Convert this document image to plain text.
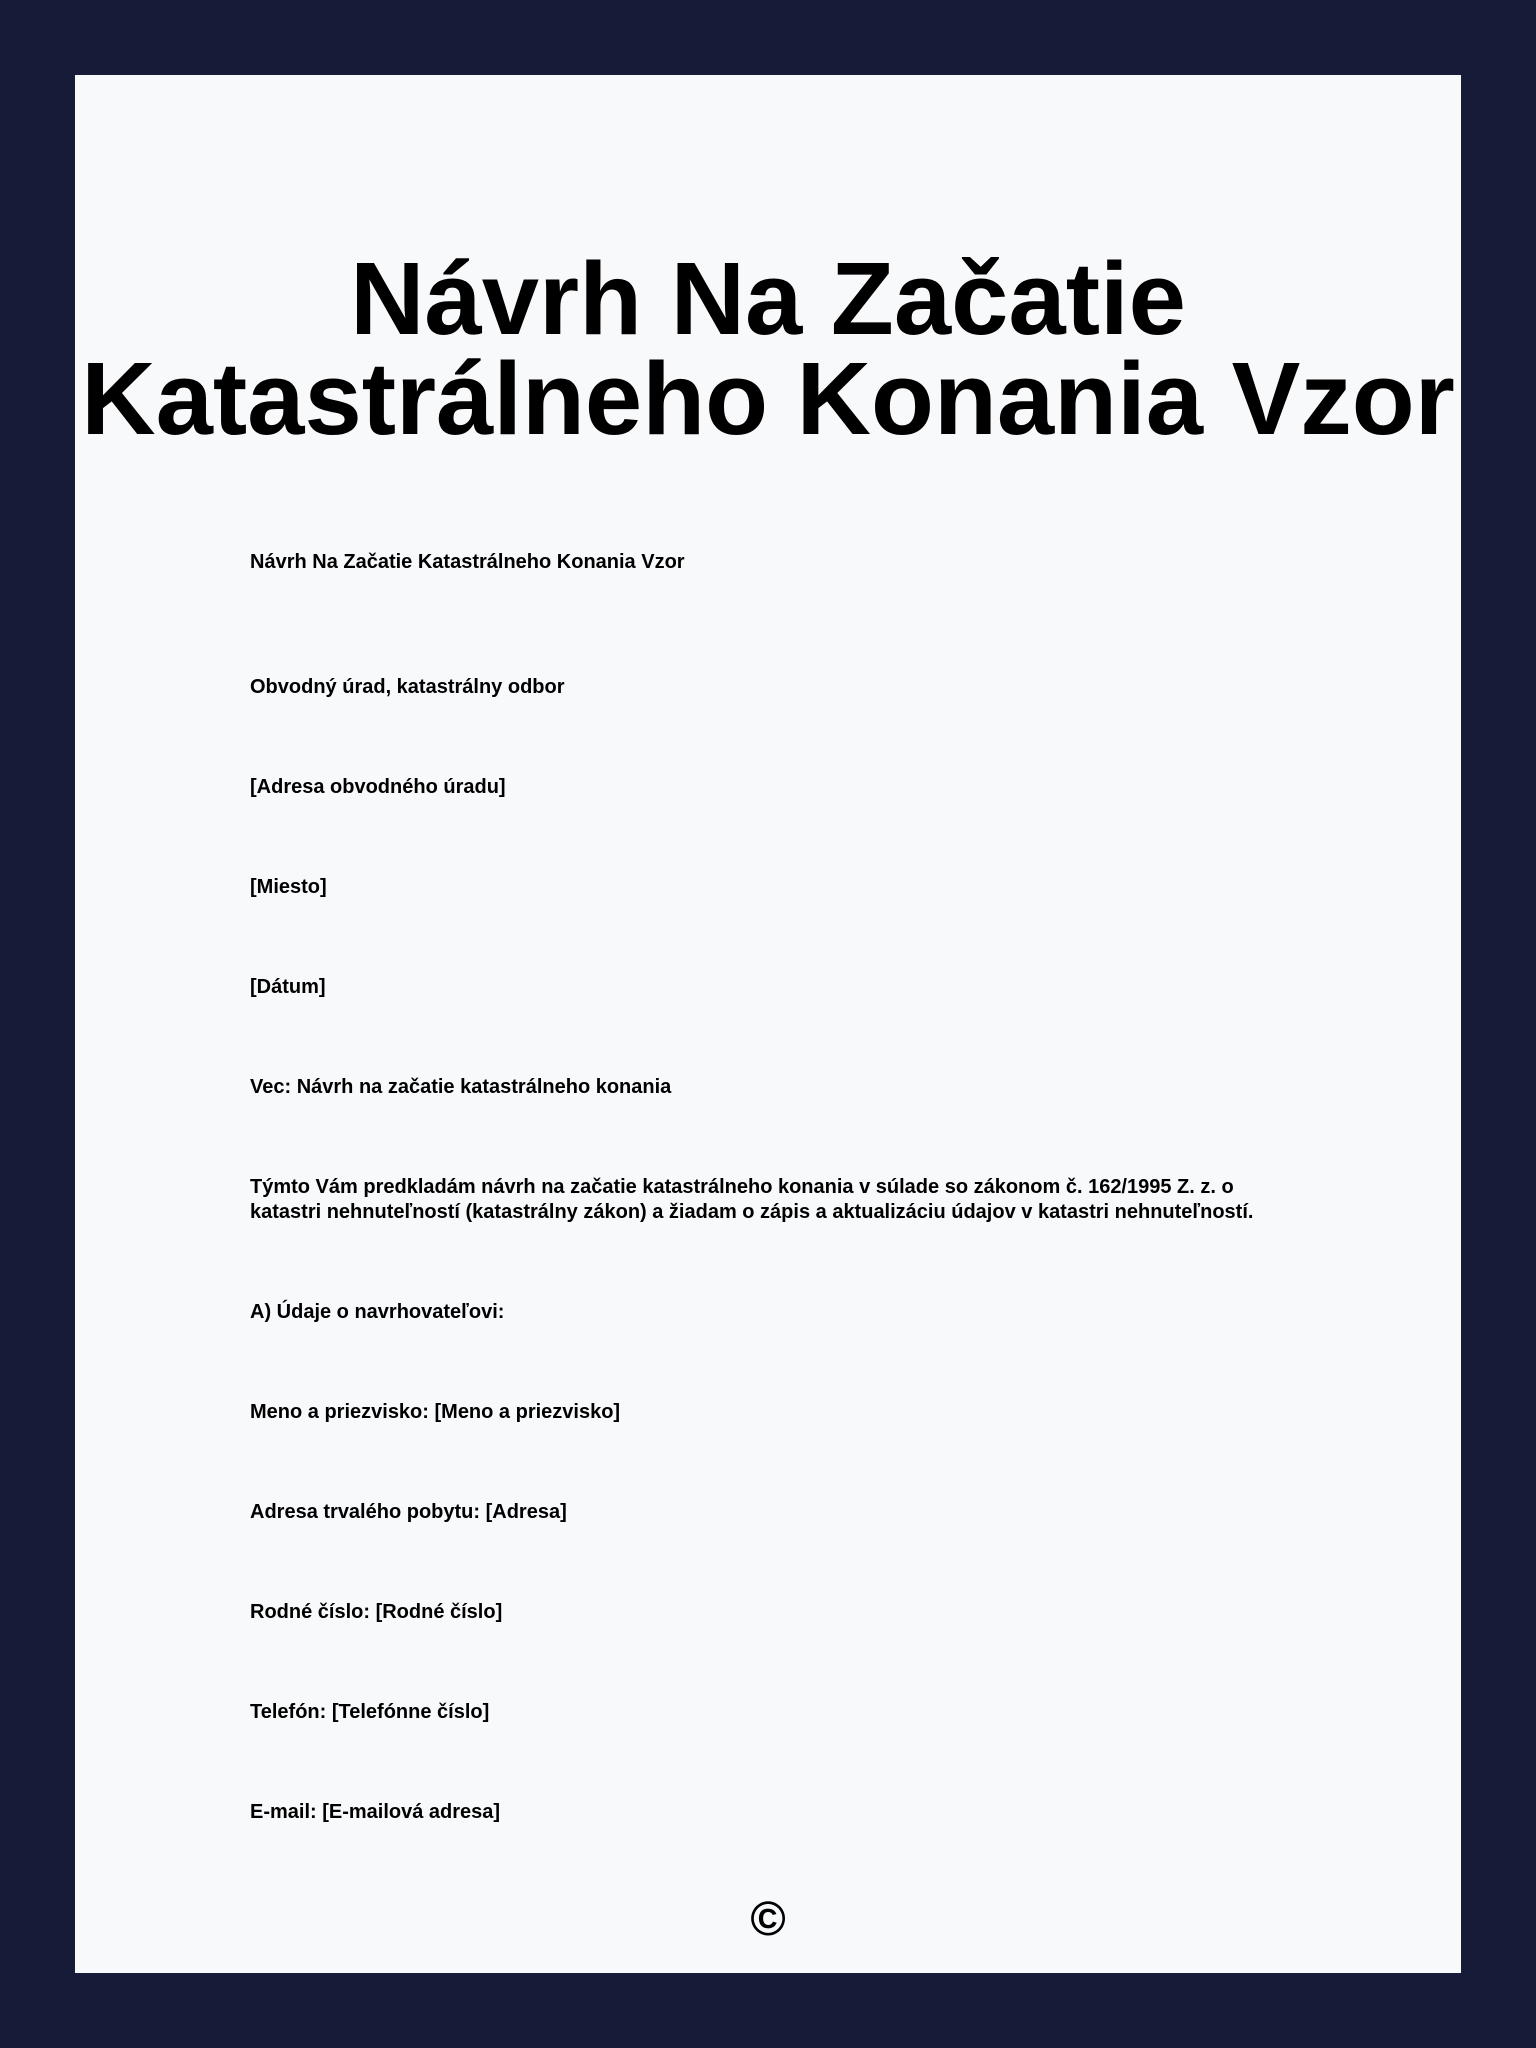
Návrh Na Začatie Katastrálneho Konania Vzor

Návrh Na Začatie Katastrálneho Konania Vzor

Obvodný úrad, katastrálny odbor

[Adresa obvodného úradu]

[Miesto]

[Dátum]

Vec: Návrh na začatie katastrálneho konania

Týmto Vám predkladám návrh na začatie katastrálneho konania v súlade so zákonom č. 162/1995 Z. z. o katastri nehnuteľností (katastrálny zákon) a žiadam o zápis a aktualizáciu údajov v katastri nehnuteľností.

A) Údaje o navrhovateľovi:

Meno a priezvisko: [Meno a priezvisko]

Adresa trvalého pobytu: [Adresa]

Rodné číslo: [Rodné číslo]

Telefón: [Telefónne číslo]

E-mail: [E-mailová adresa]

©
